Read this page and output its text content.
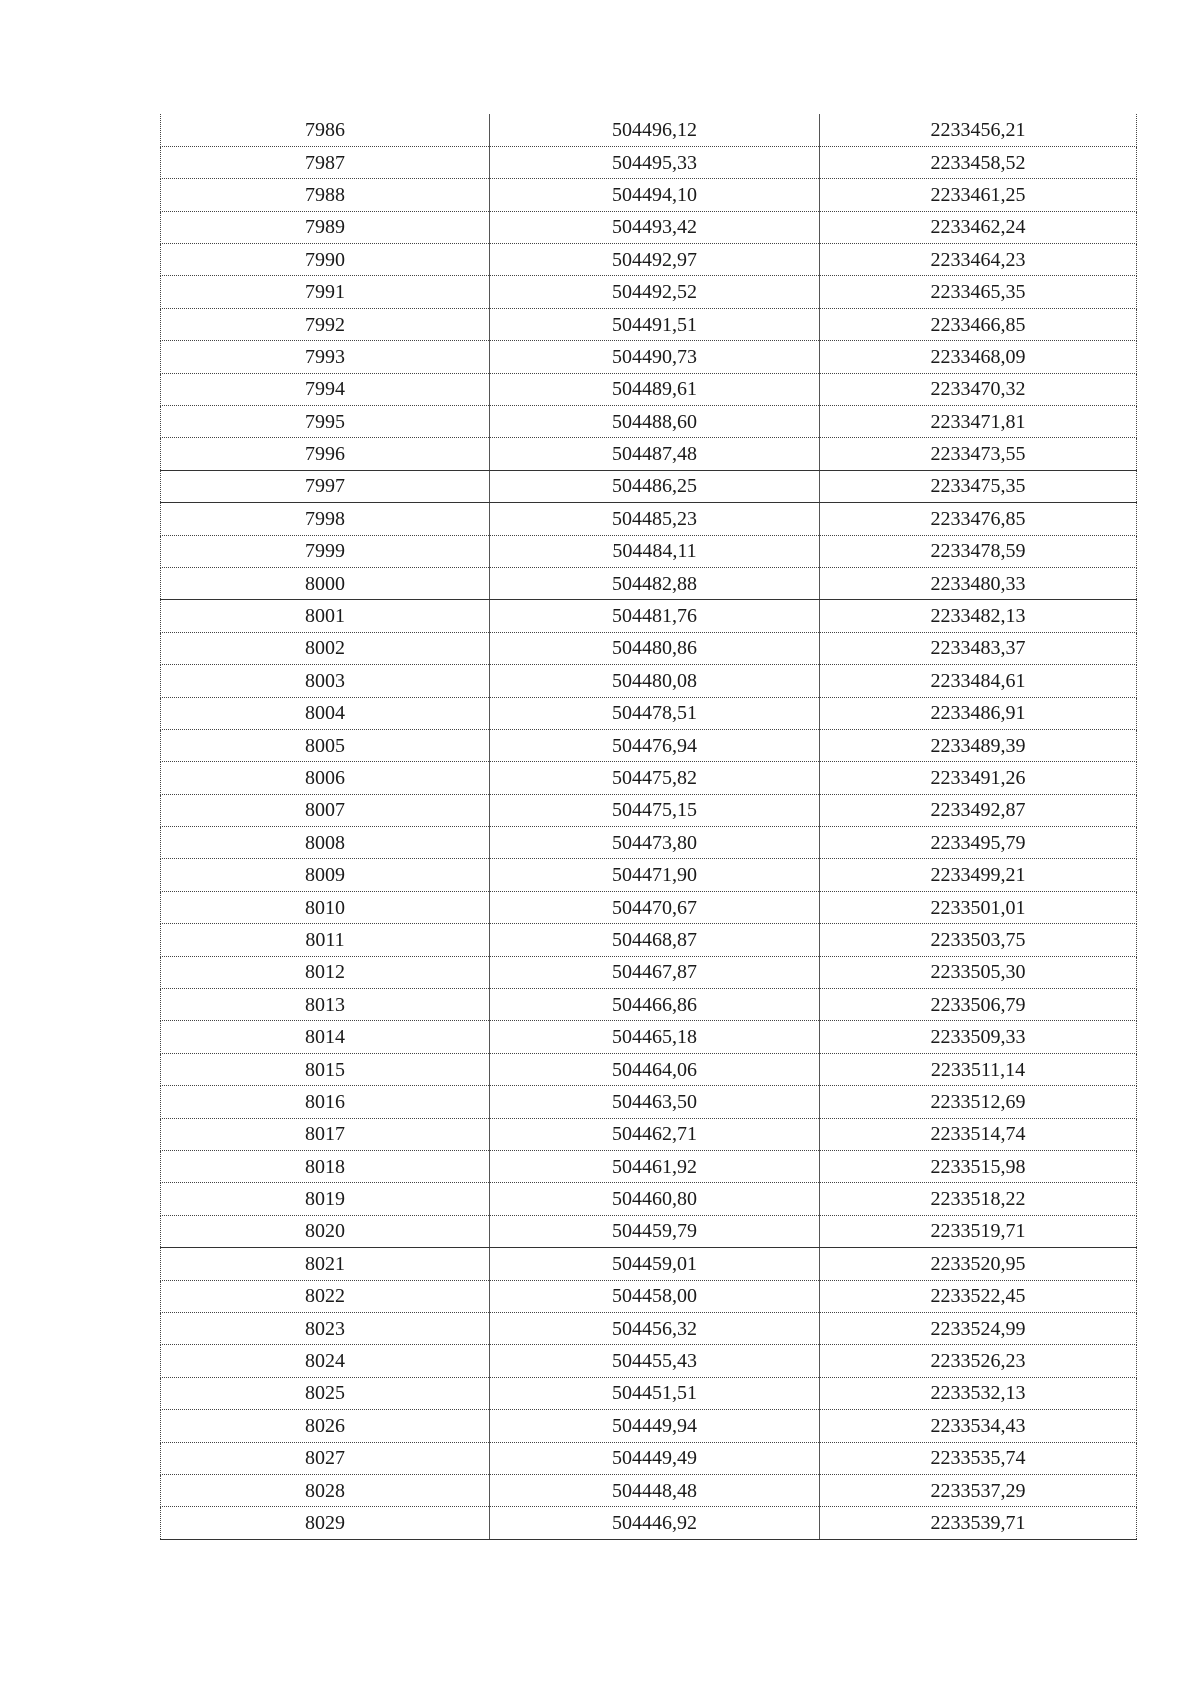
7986	504496,12	2233456,21
7987	504495,33	2233458,52
7988	504494,10	2233461,25
7989	504493,42	2233462,24
7990	504492,97	2233464,23
7991	504492,52	2233465,35
7992	504491,51	2233466,85
7993	504490,73	2233468,09
7994	504489,61	2233470,32
7995	504488,60	2233471,81
7996	504487,48	2233473,55
7997	504486,25	2233475,35
7998	504485,23	2233476,85
7999	504484,11	2233478,59
8000	504482,88	2233480,33
8001	504481,76	2233482,13
8002	504480,86	2233483,37
8003	504480,08	2233484,61
8004	504478,51	2233486,91
8005	504476,94	2233489,39
8006	504475,82	2233491,26
8007	504475,15	2233492,87
8008	504473,80	2233495,79
8009	504471,90	2233499,21
8010	504470,67	2233501,01
8011	504468,87	2233503,75
8012	504467,87	2233505,30
8013	504466,86	2233506,79
8014	504465,18	2233509,33
8015	504464,06	2233511,14
8016	504463,50	2233512,69
8017	504462,71	2233514,74
8018	504461,92	2233515,98
8019	504460,80	2233518,22
8020	504459,79	2233519,71
8021	504459,01	2233520,95
8022	504458,00	2233522,45
8023	504456,32	2233524,99
8024	504455,43	2233526,23
8025	504451,51	2233532,13
8026	504449,94	2233534,43
8027	504449,49	2233535,74
8028	504448,48	2233537,29
8029	504446,92	2233539,71
